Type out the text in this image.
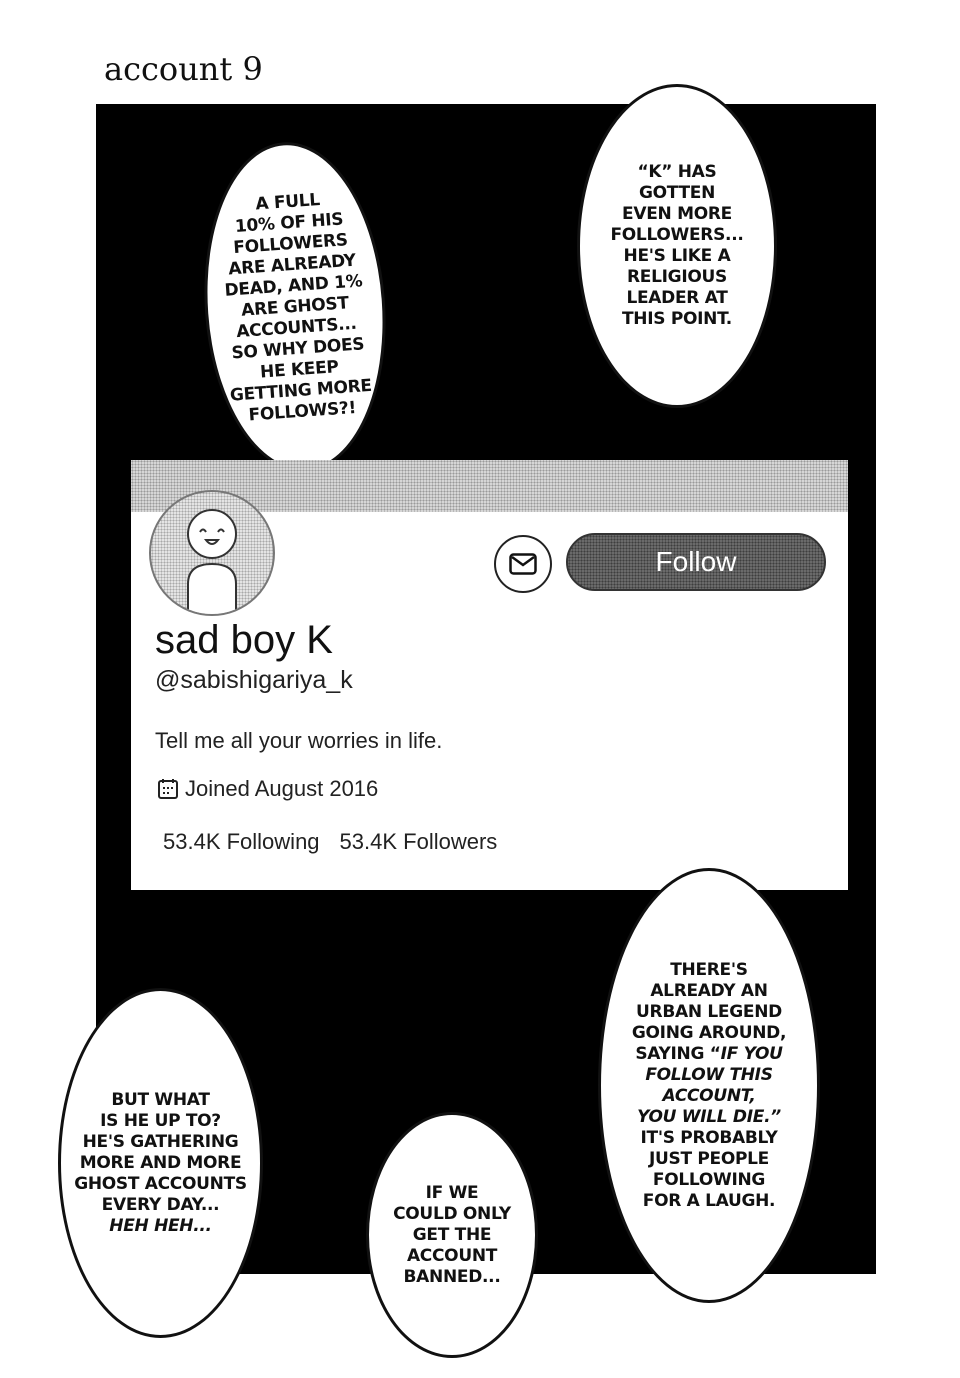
account 9

A FULL
10% OF HIS
FOLLOWERS
ARE ALREADY
DEAD, AND 1%
ARE GHOST
ACCOUNTS...
SO WHY DOES
HE KEEP
GETTING MORE
FOLLOWS?!

“K” HAS
GOTTEN
EVEN MORE
FOLLOWERS...
HE'S LIKE A
RELIGIOUS
LEADER AT
THIS POINT.

Follow
sad boy K
@sabishigariya_k
Tell me all your worries in life.
Joined August 2016
53.4K Following 53.4K Followers

THERE'S
ALREADY AN
URBAN LEGEND
GOING AROUND,
SAYING “IF YOU
FOLLOW THIS
ACCOUNT,
YOU WILL DIE.”
IT'S PROBABLY
JUST PEOPLE
FOLLOWING
FOR A LAUGH.

BUT WHAT
IS HE UP TO?
HE'S GATHERING
MORE AND MORE
GHOST ACCOUNTS
EVERY DAY...
HEH HEH...

IF WE
COULD ONLY
GET THE
ACCOUNT
BANNED...
